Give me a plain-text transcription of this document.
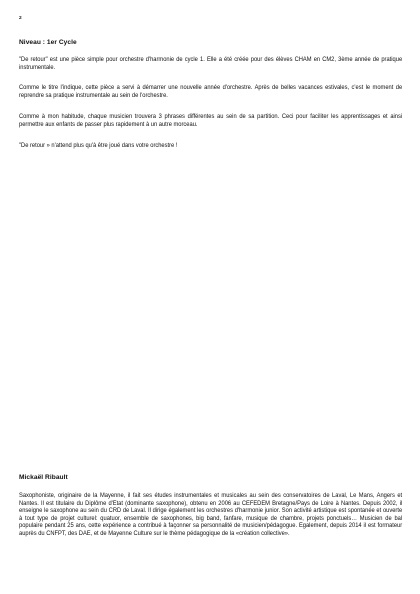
2
Niveau : 1er Cycle

"De retour" est une pièce simple pour orchestre d'harmonie de cycle 1. Elle a été créée pour des élèves CHAM en CM2, 3ème année de pratique instrumentale.

Comme le titre l'indique, cette pièce a servi à démarrer une nouvelle année d'orchestre. Après de belles vacances estivales, c'est le moment de reprendre sa pratique instrumentale au sein de l'orchestre.

Comme à mon habitude, chaque musicien trouvera 3 phrases différentes au sein de sa partition. Ceci pour faciliter les apprentissages et ainsi permettre aux enfants de passer plus rapidement à un autre morceau.

"De retour » n'attend plus qu'à être joué dans votre orchestre !

Mickaël Ribault

Saxophoniste, originaire de la Mayenne, il fait ses études instrumentales et musicales au sein des conservatoires de Laval, Le Mans, Angers et Nantes. Il est titulaire du Diplôme d'Etat (dominante saxophone), obtenu en 2006 au CEFEDEM Bretagne/Pays de Loire à Nantes. Depuis 2002, il enseigne le saxophone au sein du CRD de Laval. Il dirige également les orchestres d'harmonie junior. Son activité artistique est spontanée et ouverte à tout type de projet culturel: quatuor, ensemble de saxophones, big band, fanfare, musique de chambre, projets ponctuels… Musicien de bal populaire pendant 25 ans, cette expérience a contribué à façonner sa personnalité de musicien/pédagogue. Egalement, depuis 2014 il est formateur auprès du CNFPT, des DAE, et de Mayenne Culture sur le thème pédagogique de la «création collective».
